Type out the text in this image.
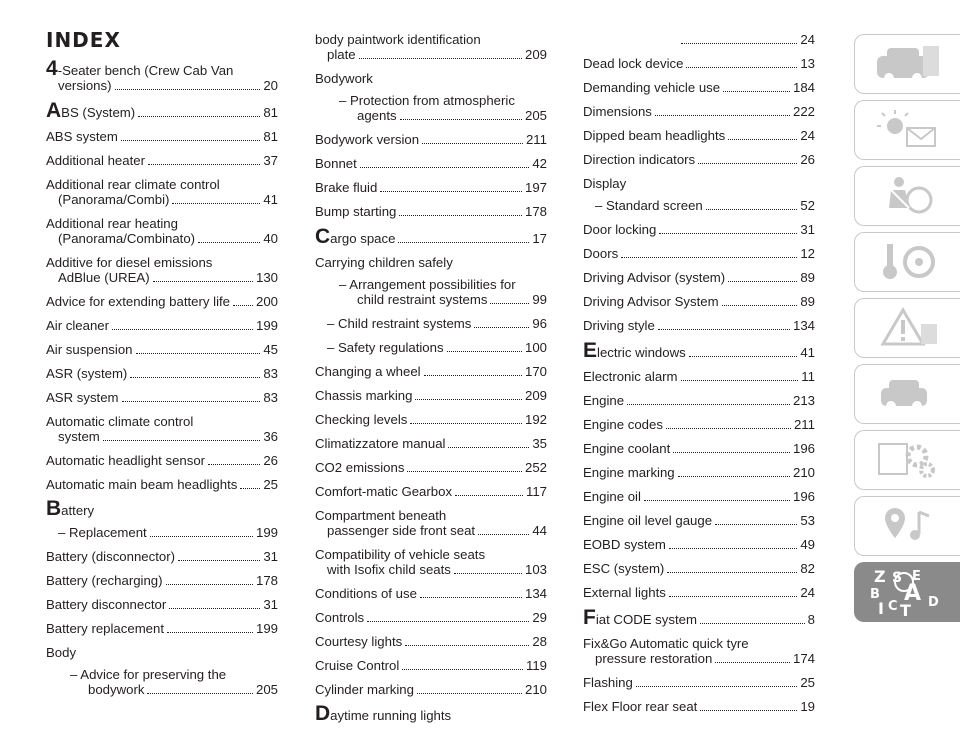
INDEX
4-Seater bench (Crew Cab Van
versions)	20
A BS (System)	81
ABS system	81
Additional heater	37
Additional rear climate control
(Panorama/Combi)	41
Additional rear heating
(Panorama/Combinato)	40
Additive for diesel emissions
AdBlue (UREA)	130
Advice for extending battery life 200
Air cleaner	199
Air suspension	45
ASR (system)	83
ASR system	83
Automatic climate control
system	36
Automatic headlight sensor	26
Automatic main beam headlights 25
Battery
– Replacement	199
Battery (disconnector)	31
Battery (recharging)	178
Battery disconnector	31
Battery replacement	199
Body
– Advice for preserving the
bodywork	205
body paintwork identification
plate	209
Bodywork
– Protection from atmospheric
agents	205
Bodywork version	211
Bonnet	42
Brake fluid	197
Bump starting	178
C argo space	17
Carrying children safely
– Arrangement possibilities for
child restraint systems	99
– Child restraint systems	96
– Safety regulations	100
Changing a wheel	170
Chassis marking	209
Checking levels	192
Climatizzatore manual	35
CO2 emissions	252
Comfort-matic Gearbox	117
Compartment beneath
passenger side front seat	44
Compatibility of vehicle seats
with Isofix child seats	103
Conditions of use	134
Controls	29
Courtesy lights	28
Cruise Control	119
Cylinder marking	210
Daytime running lights
24
Dead lock device	13
Demanding vehicle use	184
Dimensions	222
Dipped beam headlights	24
Direction indicators	26
Display
– Standard screen	52
Door locking	31
Doors	12
Driving Advisor (system)	89
Driving Advisor System	89
Driving style	134
E lectric windows	41
Electronic alarm	11
Engine	213
Engine codes	211
Engine coolant	196
Engine marking	210
Engine oil	196
Engine oil level gauge	53
EOBD system	49
ESC (system)	82
External lights	24
F iat CODE system	8
Fix&Go Automatic quick tyre
pressure restoration	174
Flashing	25
Flex Floor rear seat	19
Z S E
B A D
I C T
